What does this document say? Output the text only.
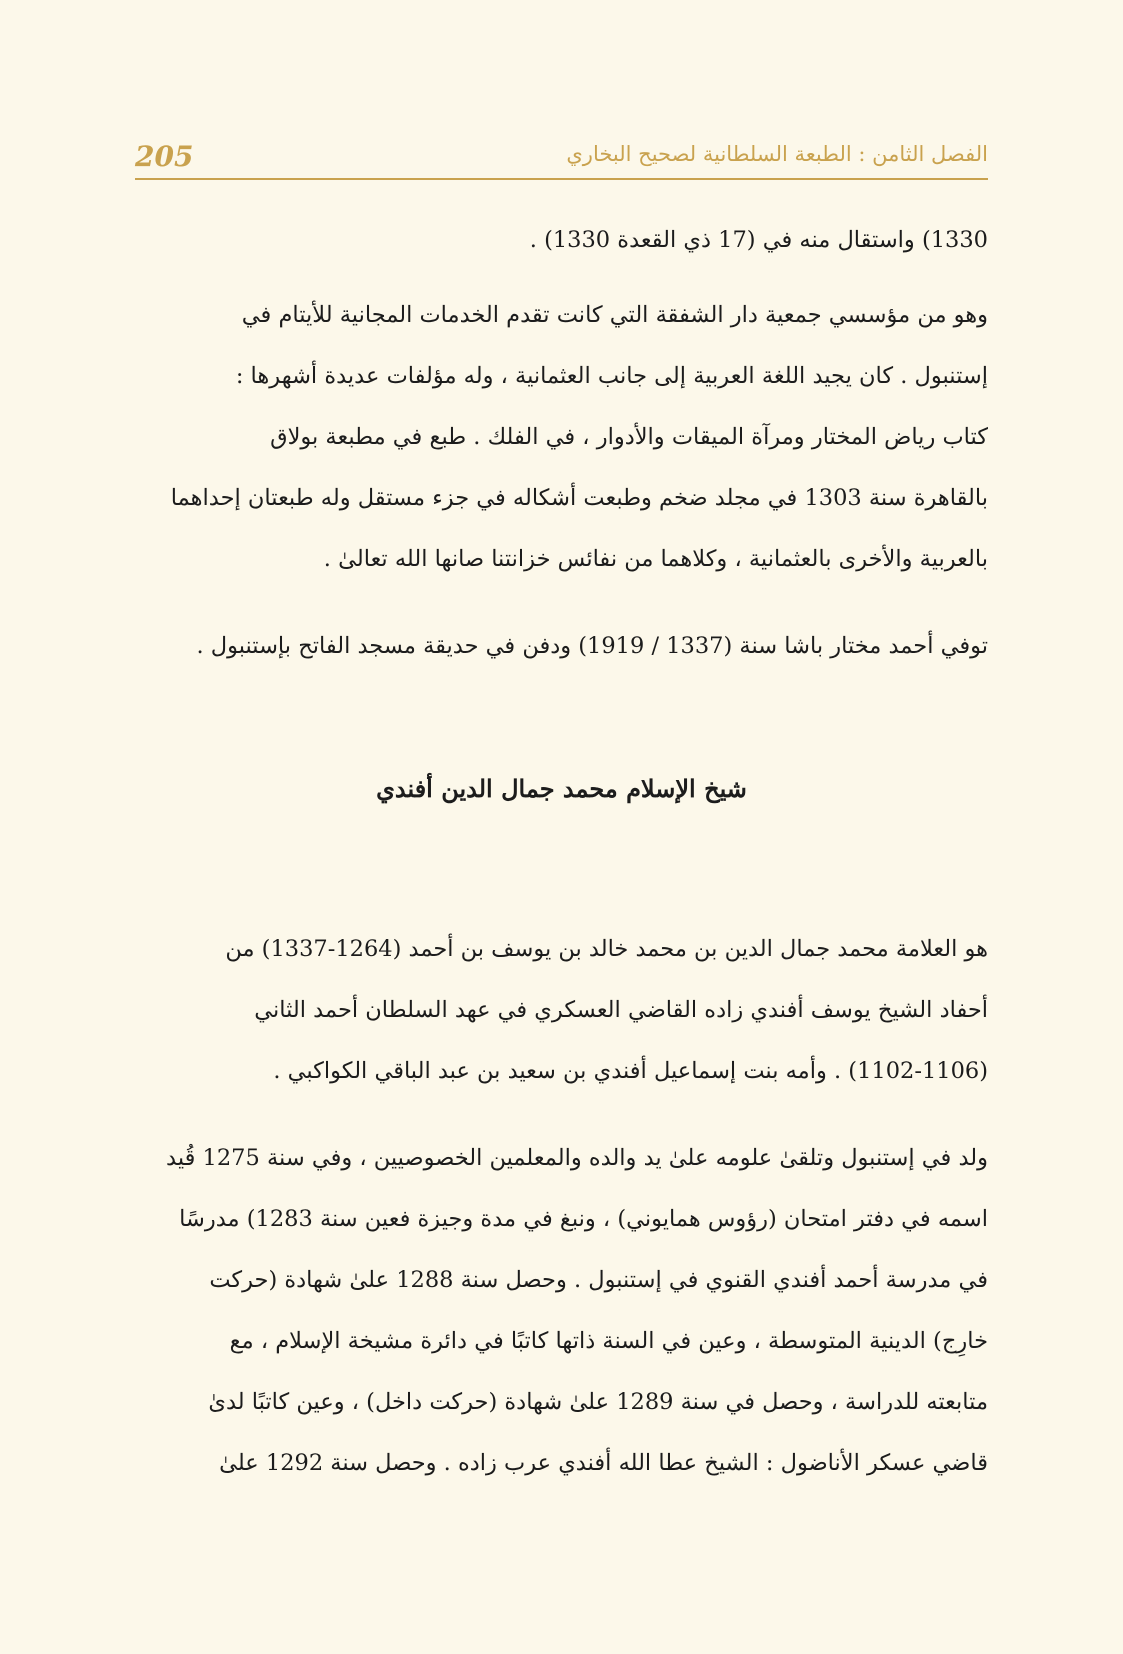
205	الفصل الثامن : الطبعة السلطانية لصحيح البخاري

1330) واستقال منه في (17 ذي القعدة 1330) .

وهو من مؤسسي جمعية دار الشفقة التي كانت تقدم الخدمات المجانية للأيتام في
إستنبول . كان يجيد اللغة العربية إلى جانب العثمانية ، وله مؤلفات عديدة أشهرها :
كتاب رياض المختار ومرآة الميقات والأدوار ، في الفلك . طبع في مطبعة بولاق
بالقاهرة سنة 1303 في مجلد ضخم وطبعت أشكاله في جزء مستقل وله طبعتان إحداهما
بالعربية والأخرى بالعثمانية ، وكلاهما من نفائس خزانتنا صانها الله تعالىٰ .

توفي أحمد مختار باشا سنة (1337 / 1919) ودفن في حديقة مسجد الفاتح بإستنبول .

شيخ الإسلام محمد جمال الدين أفندي

هو العلامة محمد جمال الدين بن محمد خالد بن يوسف بن أحمد (1264-1337) من
أحفاد الشيخ يوسف أفندي زاده القاضي العسكري في عهد السلطان أحمد الثاني
(1102-1106) . وأمه بنت إسماعيل أفندي بن سعيد بن عبد الباقي الكواكبي .

ولد في إستنبول وتلقىٰ علومه علىٰ يد والده والمعلمين الخصوصيين ، وفي سنة 1275 قُيد
اسمه في دفتر امتحان (رؤوس همايوني) ، ونبغ في مدة وجيزة فعين سنة 1283) مدرسًا
في مدرسة أحمد أفندي القنوي في إستنبول . وحصل سنة 1288 علىٰ شهادة (حركت
خارِج) الدينية المتوسطة ، وعين في السنة ذاتها كاتبًا في دائرة مشيخة الإسلام ، مع
متابعته للدراسة ، وحصل في سنة 1289 علىٰ شهادة (حركت داخل) ، وعين كاتبًا لدىٰ
قاضي عسكر الأناضول : الشيخ عطا الله أفندي عرب زاده . وحصل سنة 1292 علىٰ
